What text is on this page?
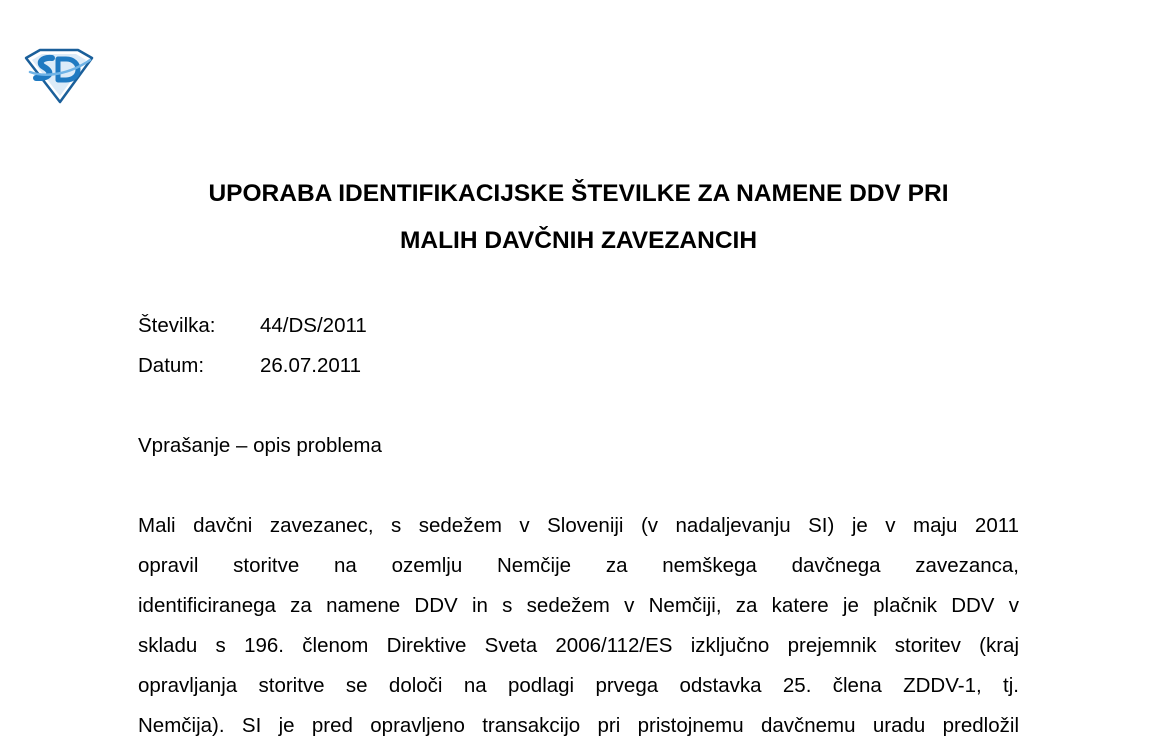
UPORABA IDENTIFIKACIJSKE ŠTEVILKE ZA NAMENE DDV PRI
MALIH DAVČNIH ZAVEZANCIH
Številka:	44/DS/2011
Datum:	26.07.2011
Vprašanje – opis problema
Mali davčni zavezanec, s sedežem v Sloveniji (v nadaljevanju SI) je v maju 2011
opravil storitve na ozemlju Nemčije za nemškega davčnega zavezanca,
identificiranega za namene DDV in s sedežem v Nemčiji, za katere je plačnik DDV v
skladu s 196. členom Direktive Sveta 2006/112/ES izključno prejemnik storitev (kraj
opravljanja storitve se določi na podlagi prvega odstavka 25. člena ZDDV-1, tj.
Nemčija). SI je pred opravljeno transakcijo pri pristojnemu davčnemu uradu predložil
